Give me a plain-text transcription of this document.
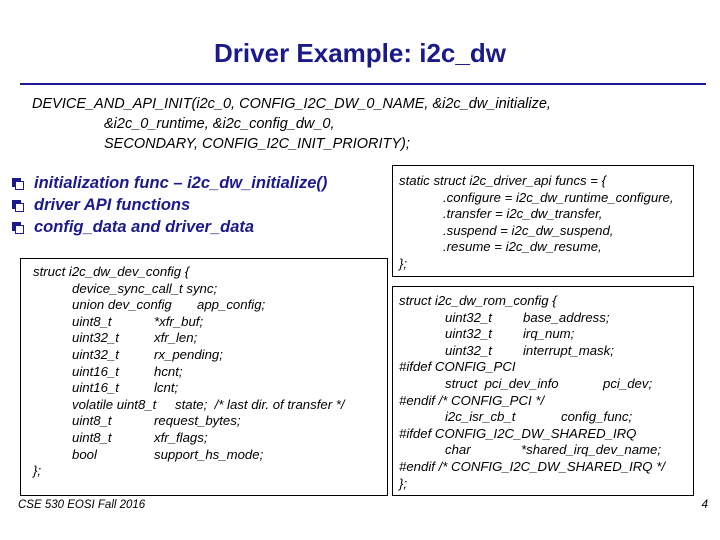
Driver Example: i2c_dw
DEVICE_AND_API_INIT(i2c_0, CONFIG_I2C_DW_0_NAME, &i2c_dw_initialize,
&i2c_0_runtime, &i2c_config_dw_0,
SECONDARY, CONFIG_I2C_INIT_PRIORITY);
initialization func – i2c_dw_initialize()
driver API functions
config_data and driver_data
static struct i2c_driver_api funcs = {
.configure = i2c_dw_runtime_configure,
.transfer = i2c_dw_transfer,
.suspend = i2c_dw_suspend,
.resume = i2c_dw_resume,
};
struct i2c_dw_dev_config {
device_sync_call_t sync;
union dev_config app_config;
uint8_t	*xfr_buf;
uint32_t	xfr_len;
uint32_t	rx_pending;
uint16_t	hcnt;
uint16_t	lcnt;
volatile uint8_t state;  /* last dir. of transfer */
uint8_t	request_bytes;
uint8_t	xfr_flags;
bool	support_hs_mode;
};
struct i2c_dw_rom_config {
uint32_t base_address;
uint32_t irq_num;
uint32_t interrupt_mask;
#ifdef CONFIG_PCI
struct  pci_dev_info	pci_dev;
#endif /* CONFIG_PCI */
i2c_isr_cb_t	config_func;
#ifdef CONFIG_I2C_DW_SHARED_IRQ
char	*shared_irq_dev_name;
#endif /* CONFIG_I2C_DW_SHARED_IRQ */
};
CSE 530 EOSI Fall 2016	4
